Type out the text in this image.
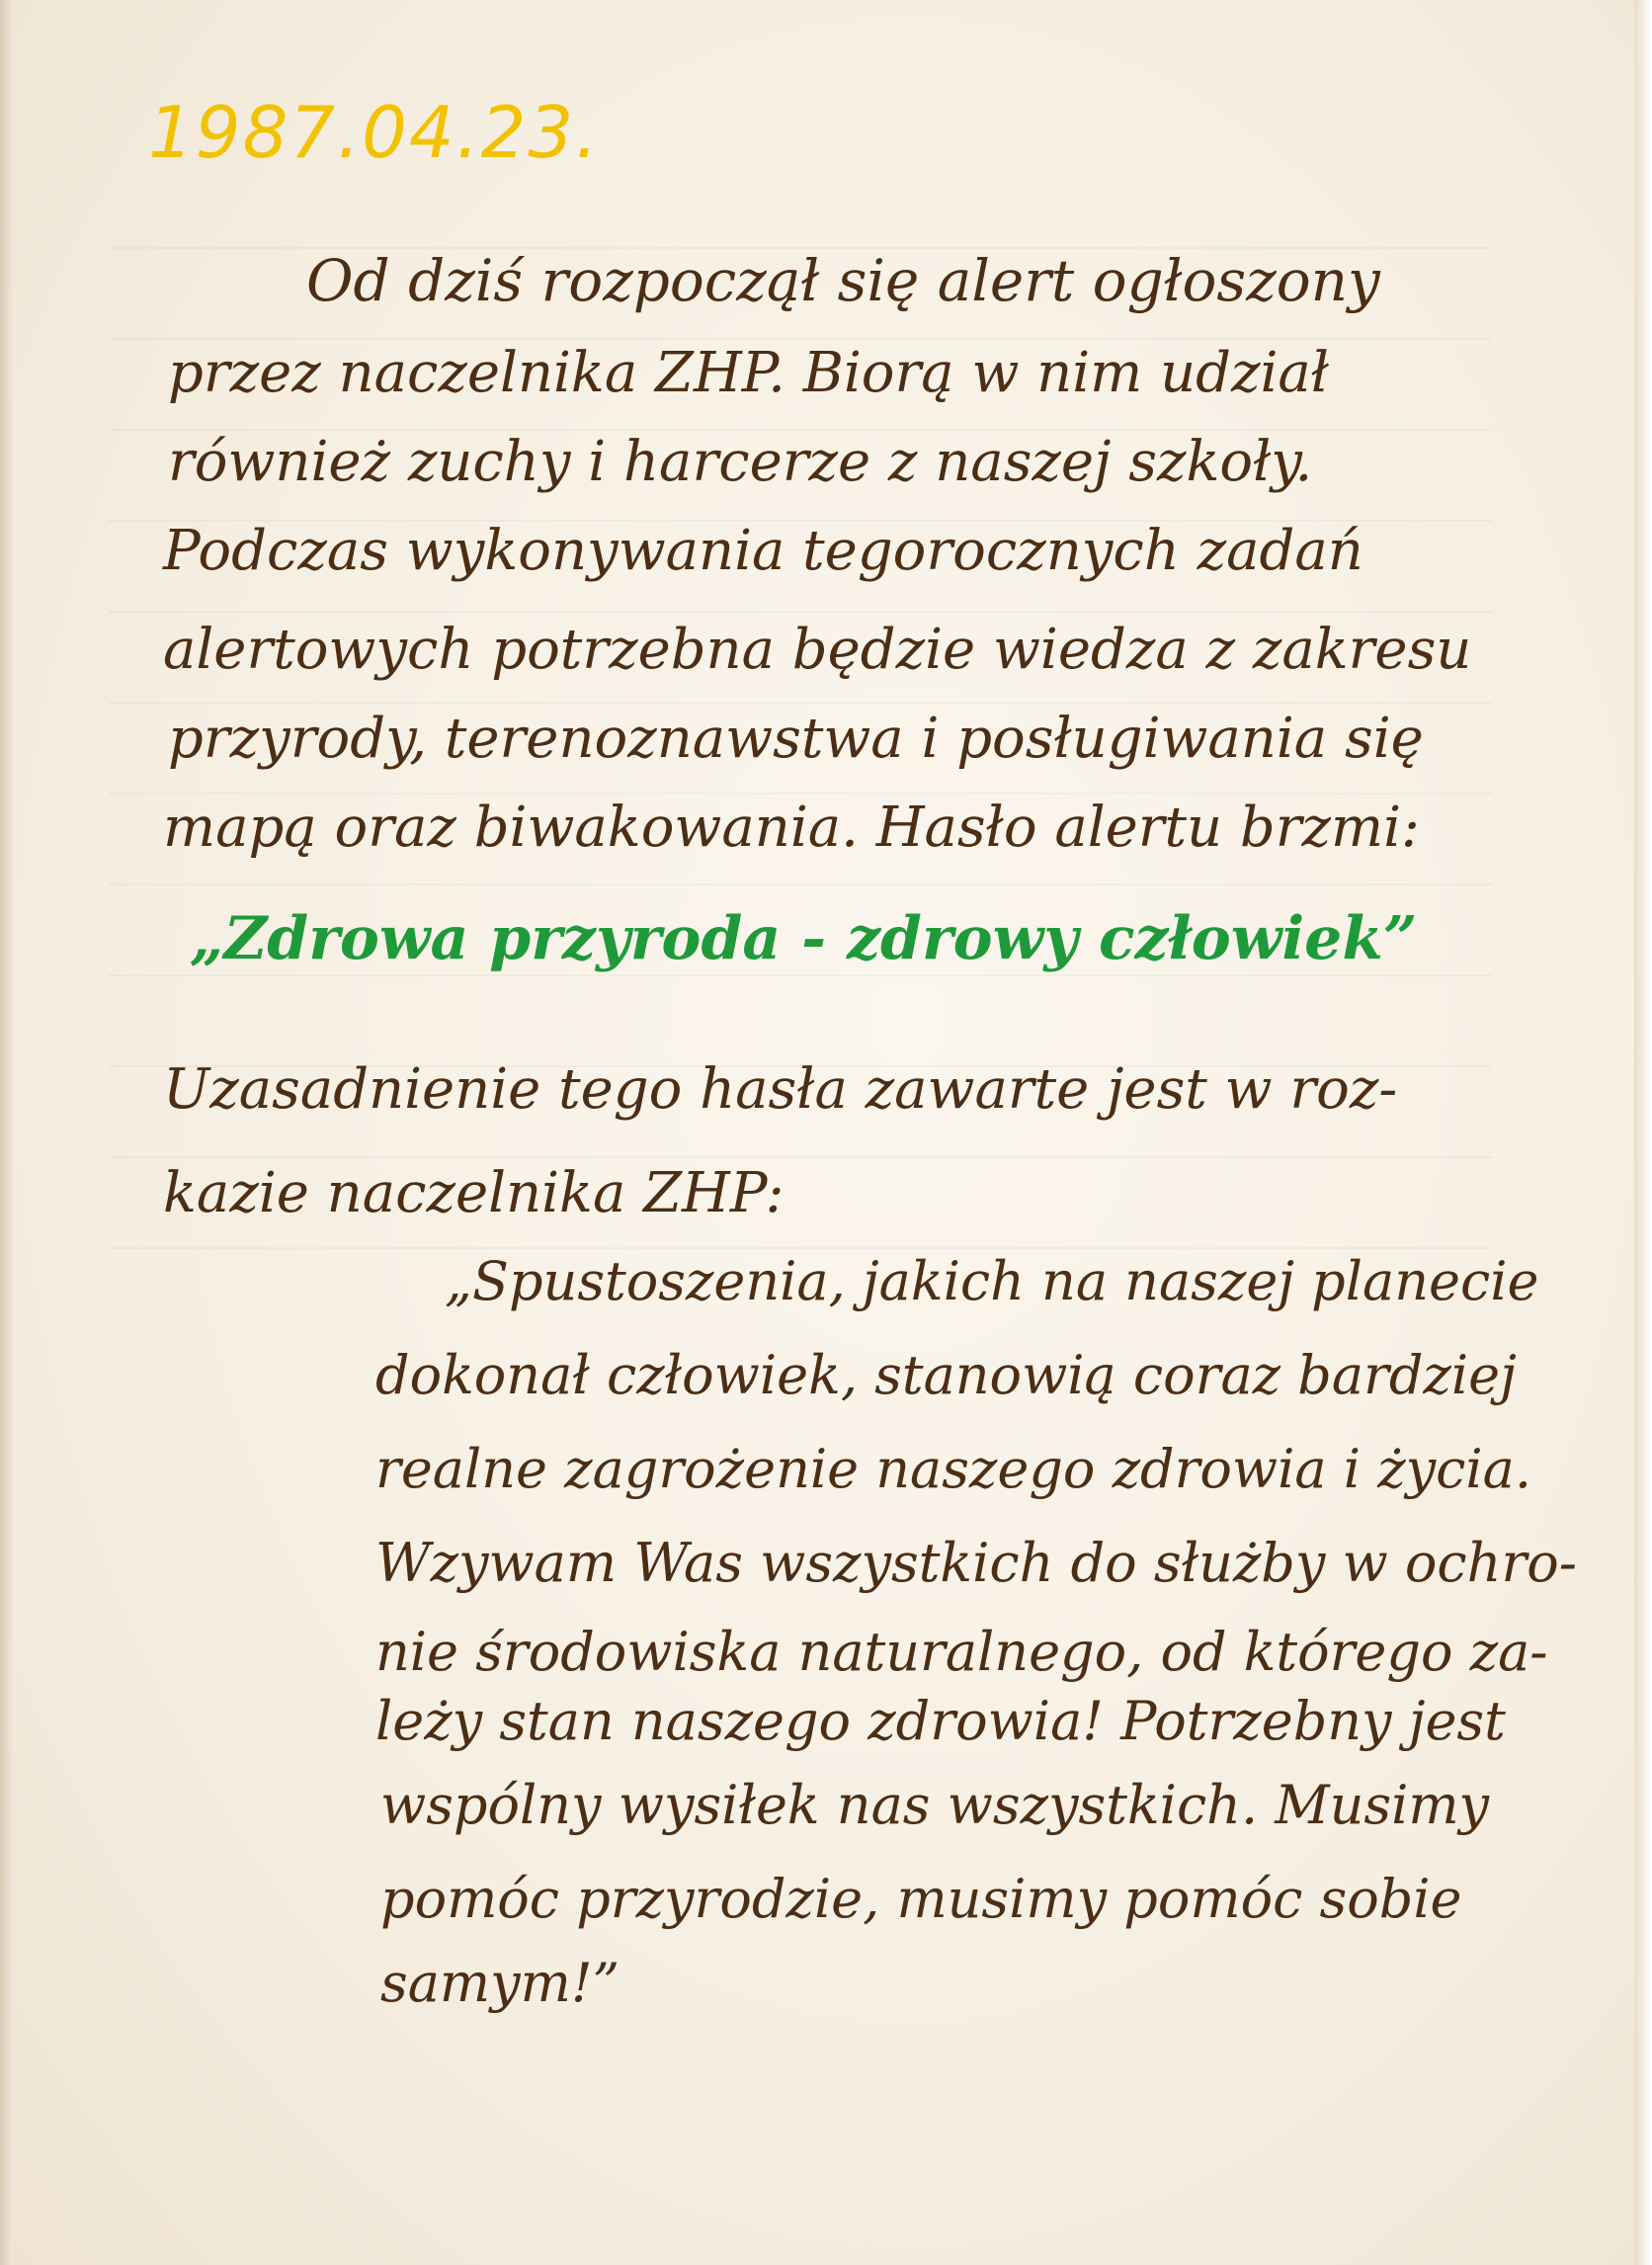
1987.04.23.
Od dziś rozpoczął się alert ogłoszony
przez naczelnika ZHP. Biorą w nim udział
również zuchy i harcerze z naszej szkoły.
Podczas wykonywania tegorocznych zadań
alertowych potrzebna będzie wiedza z zakresu
przyrody, terenoznawstwa i posługiwania się
mapą oraz biwakowania. Hasło alertu brzmi:
„Zdrowa przyroda - zdrowy człowiek”
Uzasadnienie tego hasła zawarte jest w roz-
kazie naczelnika ZHP:
„Spustoszenia, jakich na naszej planecie
dokonał człowiek, stanowią coraz bardziej
realne zagrożenie naszego zdrowia i życia.
Wzywam Was wszystkich do służby w ochro-
nie środowiska naturalnego, od którego za-
leży stan naszego zdrowia! Potrzebny jest
wspólny wysiłek nas wszystkich. Musimy
pomóc przyrodzie, musimy pomóc sobie
samym!”
